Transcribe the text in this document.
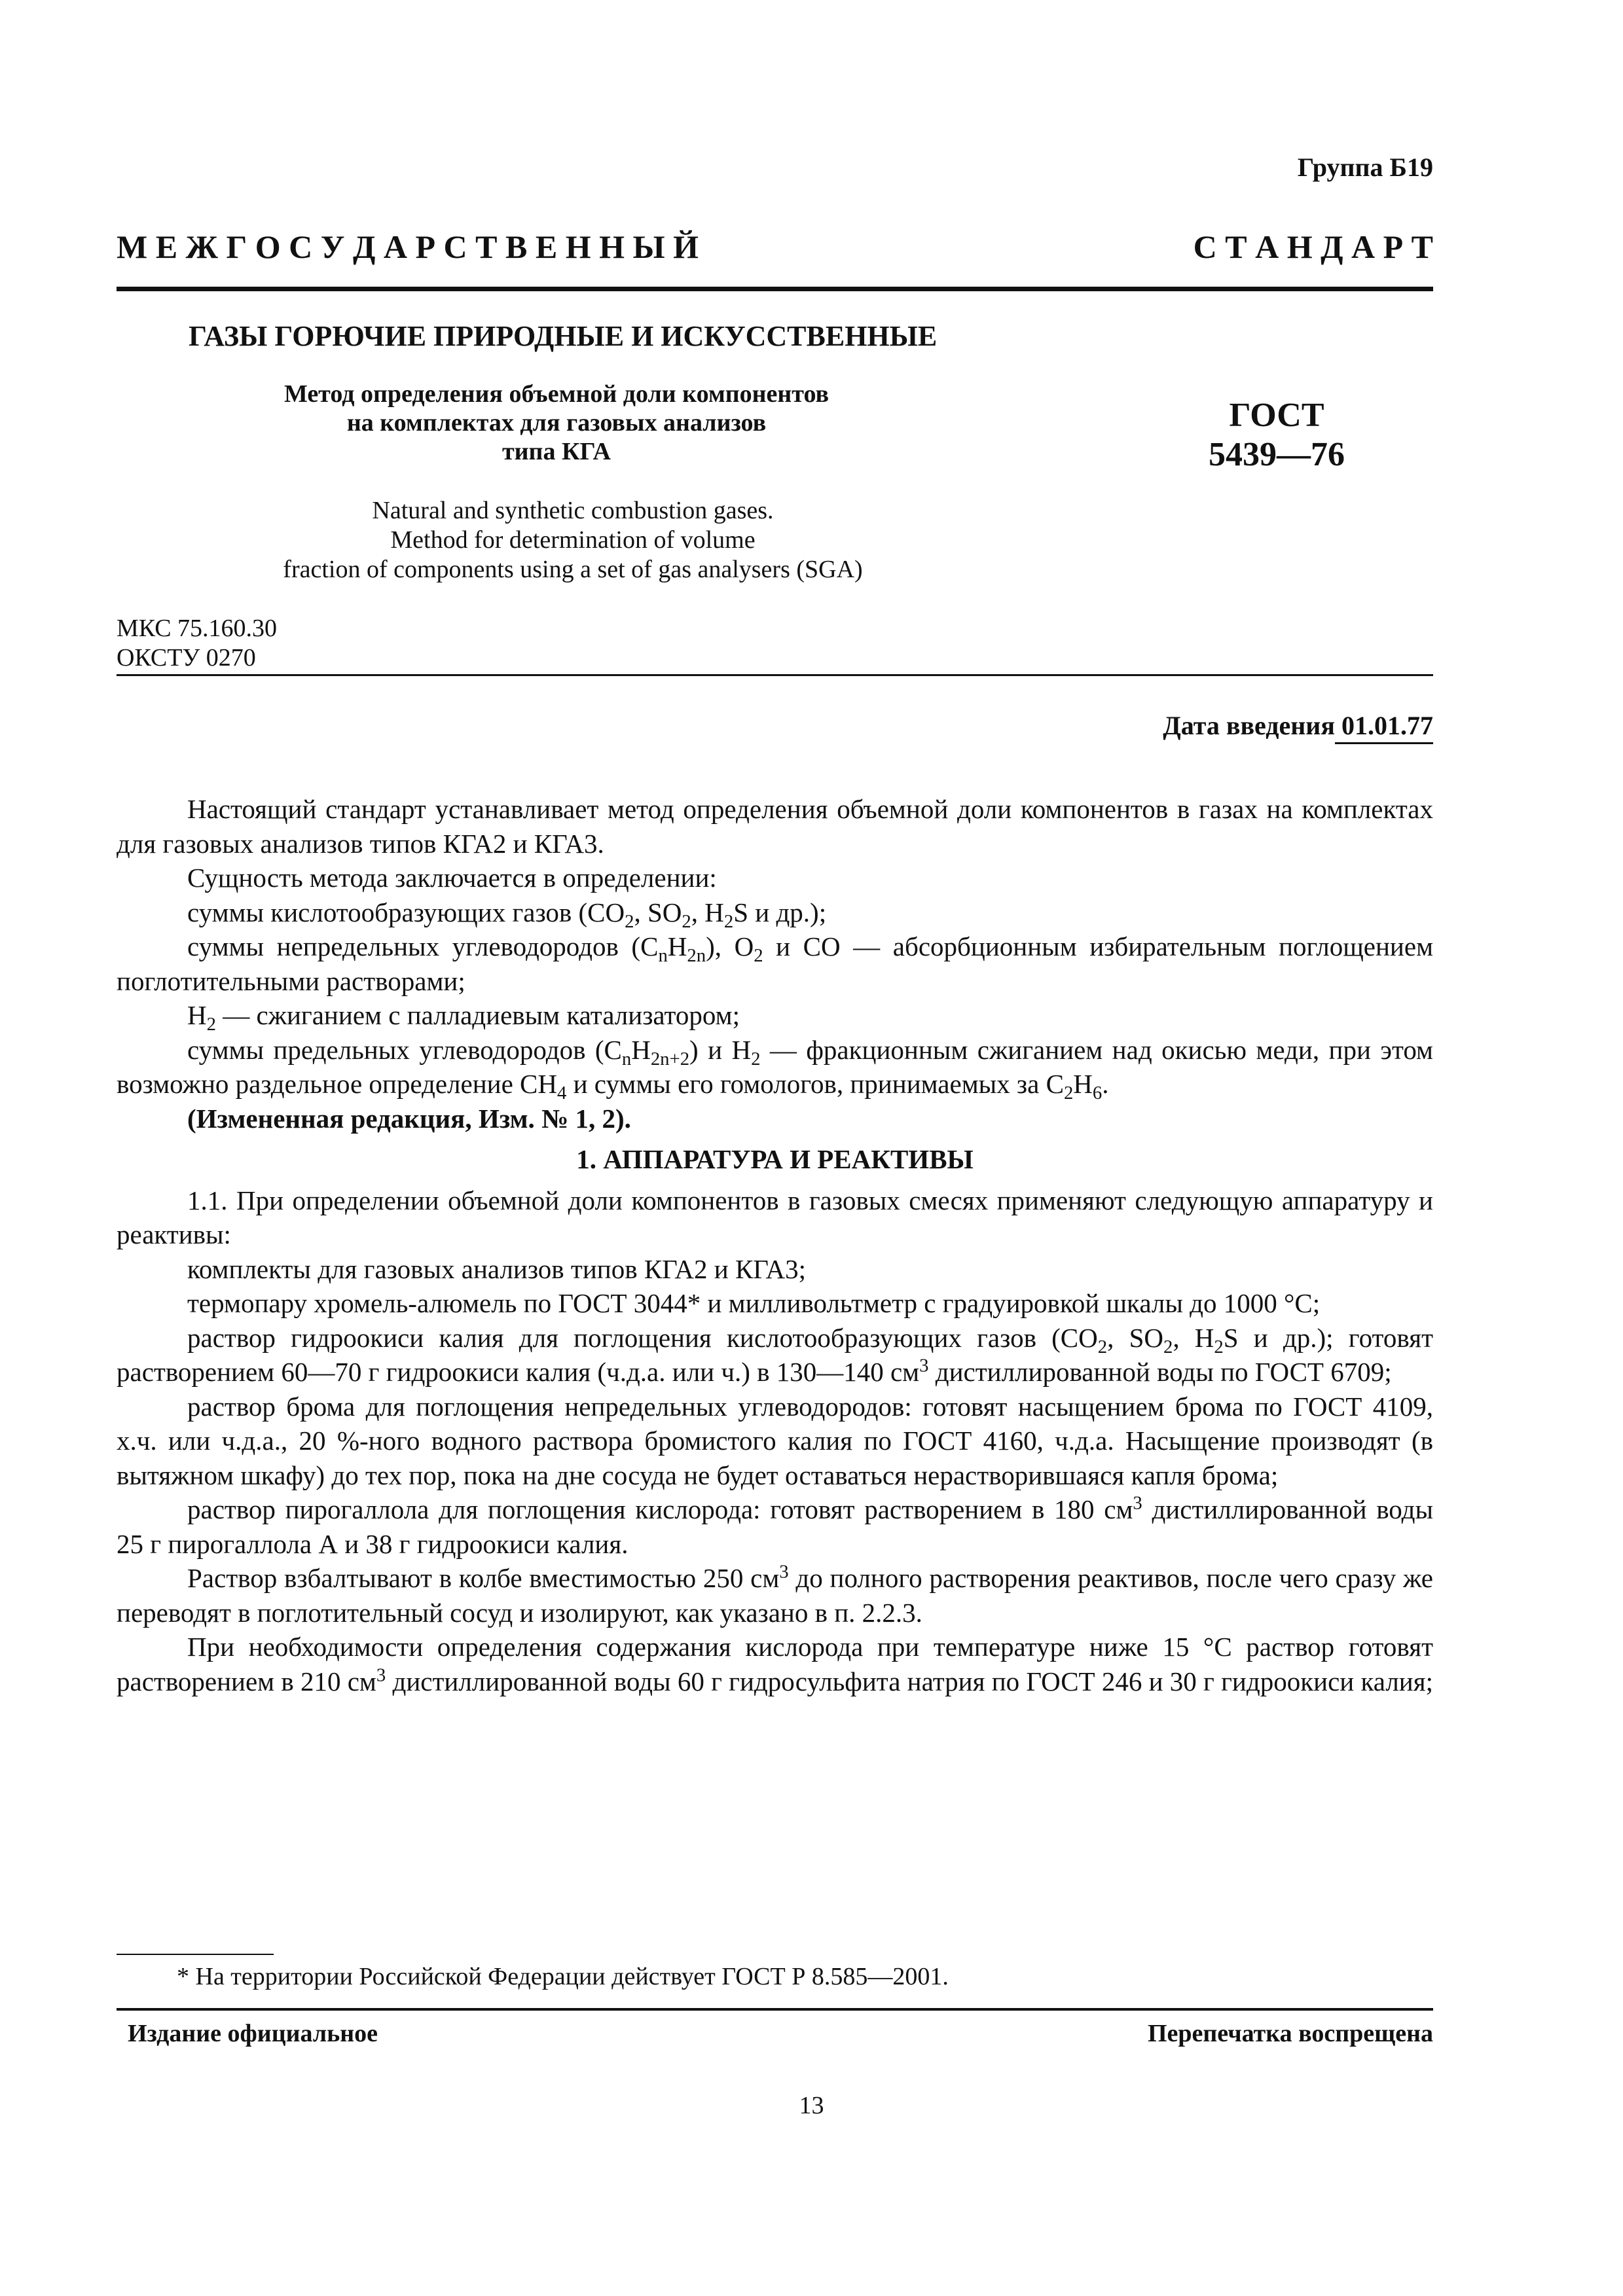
Группа Б19
М Е Ж Г О С У Д А Р С Т В Е Н Н Ы Й	С Т А Н Д А Р Т
ГАЗЫ ГОРЮЧИЕ ПРИРОДНЫЕ И ИСКУССТВЕННЫЕ
Метод определения объемной доли компонентов
на комплектах для газовых анализов
типа КГА
ГОСТ
5439—76
Natural and synthetic combustion gases.
Method for determination of volume
fraction of components using a set of gas analysers (SGA)
МКС 75.160.30
ОКСТУ 0270
Дата введения 01.01.77

Настоящий стандарт устанавливает метод определения объемной доли компонентов в газах на комплектах для газовых анализов типов КГА2 и КГА3.

Сущность метода заключается в определении:

суммы кислотообразующих газов ($CO_2$, $SO_2$, $H_2S$ и др.);

суммы непредельных углеводородов $(C_nH_{2n})$, $O_2$ и CO — абсорбционным избирательным поглощением поглотительными растворами;

$H_2$ — сжиганием с палладиевым катализатором;

суммы предельных углеводородов $(C_nH_{2n+2})$ и $H_2$ — фракционным сжиганием над окисью меди, при этом возможно раздельное определение $CH_4$ и суммы его гомологов, принимаемых за $C_2H_6$.

(Измененная редакция, Изм. № 1, 2).

1. АППАРАТУРА И РЕАКТИВЫ

1.1. При определении объемной доли компонентов в газовых смесях применяют следующую аппаратуру и реактивы:

комплекты для газовых анализов типов КГА2 и КГА3;

термопару хромель-алюмель по ГОСТ 3044* и милливольтметр с градуировкой шкалы до 1000 °С;

раствор гидроокиси калия для поглощения кислотообразующих газов ($CO_2$, $SO_2$, $H_2S$ и др.); готовят растворением 60—70 г гидроокиси калия (ч.д.а. или ч.) в 130—140 $см^3$ дистиллированной воды по ГОСТ 6709;

раствор брома для поглощения непредельных углеводородов: готовят насыщением брома по ГОСТ 4109, х.ч. или ч.д.а., 20 %-ного водного раствора бромистого калия по ГОСТ 4160, ч.д.а. Насыщение производят (в вытяжном шкафу) до тех пор, пока на дне сосуда не будет оставаться нерастворившаяся капля брома;

раствор пирогаллола для поглощения кислорода: готовят растворением в 180 $см^3$ дистиллированной воды 25 г пирогаллола А и 38 г гидроокиси калия.

Раствор взбалтывают в колбе вместимостью 250 $см^3$ до полного растворения реактивов, после чего сразу же переводят в поглотительный сосуд и изолируют, как указано в п. 2.2.3.

При необходимости определения содержания кислорода при температуре ниже 15 °С раствор готовят растворением в 210 $см^3$ дистиллированной воды 60 г гидросульфита натрия по ГОСТ 246 и 30 г гидроокиси калия;

* На территории Российской Федерации действует ГОСТ Р 8.585—2001.
Издание официальное	Перепечатка воспрещена
13
